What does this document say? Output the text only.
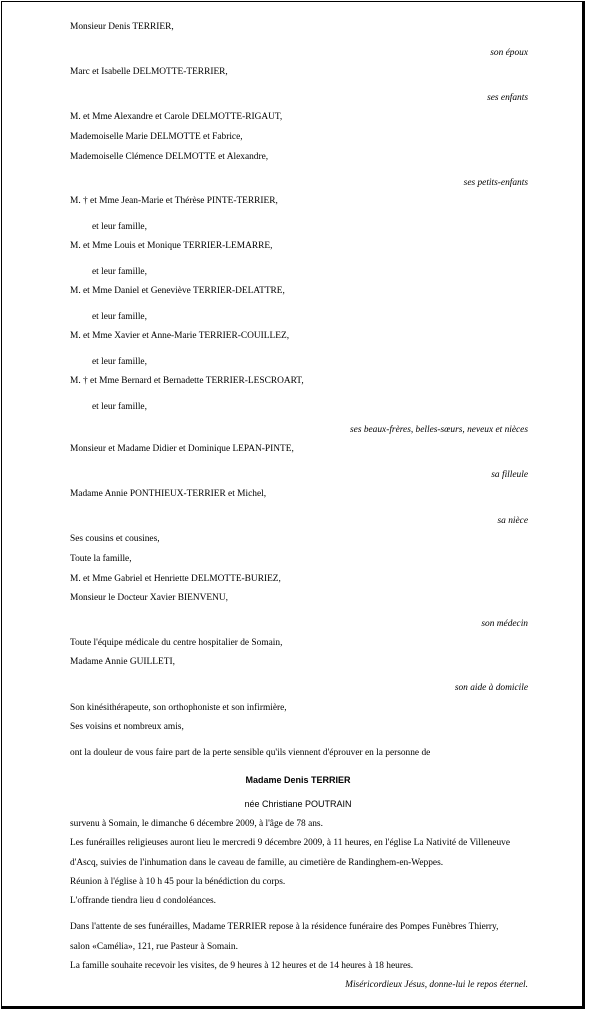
Monsieur Denis TERRIER,
son époux
Marc et Isabelle DELMOTTE-TERRIER,
ses enfants
M. et Mme Alexandre et Carole DELMOTTE-RIGAUT,
Mademoiselle Marie DELMOTTE et Fabrice,
Mademoiselle Clémence DELMOTTE et Alexandre,
ses petits-enfants
M. † et Mme Jean-Marie et Thérèse PINTE-TERRIER,
et leur famille,
M. et Mme Louis et Monique TERRIER-LEMARRE,
et leur famille,
M. et Mme Daniel et Geneviève TERRIER-DELATTRE,
et leur famille,
M. et Mme Xavier et Anne-Marie TERRIER-COUILLEZ,
et leur famille,
M. † et Mme Bernard et Bernadette TERRIER-LESCROART,
et leur famille,
ses beaux-frères, belles-sœurs, neveux et nièces
Monsieur et Madame Didier et Dominique LEPAN-PINTE,
sa filleule
Madame Annie PONTHIEUX-TERRIER et Michel,
sa nièce
Ses cousins et cousines,
Toute la famille,
M. et Mme Gabriel et Henriette DELMOTTE-BURIEZ,
Monsieur le Docteur Xavier BIENVENU,
son médecin
Toute l'équipe médicale du centre hospitalier de Somain,
Madame Annie GUILLETI,
son aide à domicile
Son kinésithérapeute, son orthophoniste et son infirmière,
Ses voisins et nombreux amis,
ont la douleur de vous faire part de la perte sensible qu'ils viennent d'éprouver en la personne de
Madame Denis TERRIER
née Christiane POUTRAIN
survenu à Somain, le dimanche 6 décembre 2009, à l'âge de 78 ans.
Les funérailles religieuses auront lieu le mercredi 9 décembre 2009, à 11 heures, en l'église La Nativité de Villeneuve
d'Ascq, suivies de l'inhumation dans le caveau de famille, au cimetière de Randinghem-en-Weppes.
Réunion à l'église à 10 h 45 pour la bénédiction du corps.
L'offrande tiendra lieu d condoléances.
Dans l'attente de ses funérailles, Madame TERRIER repose à la résidence funéraire des Pompes Funèbres Thierry,
salon «Camélia», 121, rue Pasteur à Somain.
La famille souhaite recevoir les visites, de 9 heures à 12 heures et de 14 heures à 18 heures.
Miséricordieux Jésus, donne-lui le repos éternel.
